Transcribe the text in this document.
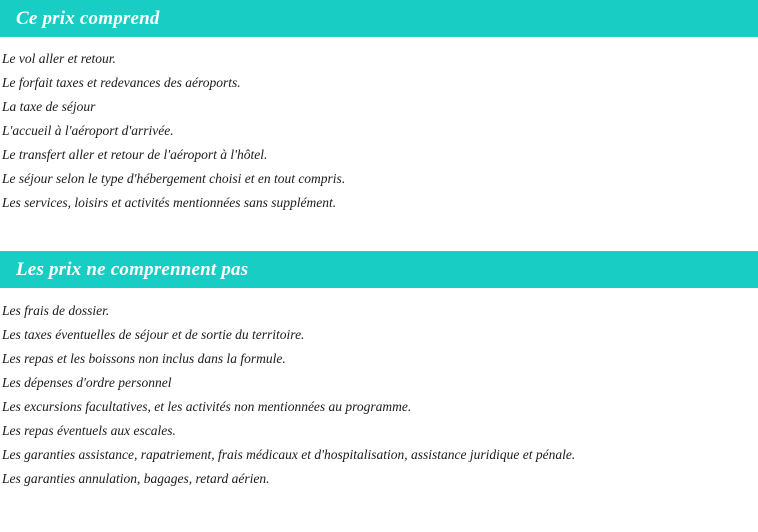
Ce prix comprend
Le vol aller et retour.
Le forfait taxes et redevances des aéroports.
La taxe de séjour
L'accueil à l'aéroport d'arrivée.
Le transfert aller et retour de l'aéroport à l'hôtel.
Le séjour selon le type d'hébergement choisi et en tout compris.
Les services, loisirs et activités mentionnées sans supplément.
Les prix ne comprennent pas
Les frais de dossier.
Les taxes éventuelles de séjour et de sortie du territoire.
Les repas et les boissons non inclus dans la formule.
Les dépenses d'ordre personnel
Les excursions facultatives, et les activités non mentionnées au programme.
Les repas éventuels aux escales.
Les garanties assistance, rapatriement, frais médicaux et d'hospitalisation, assistance juridique et pénale.
Les garanties annulation, bagages, retard aérien.
